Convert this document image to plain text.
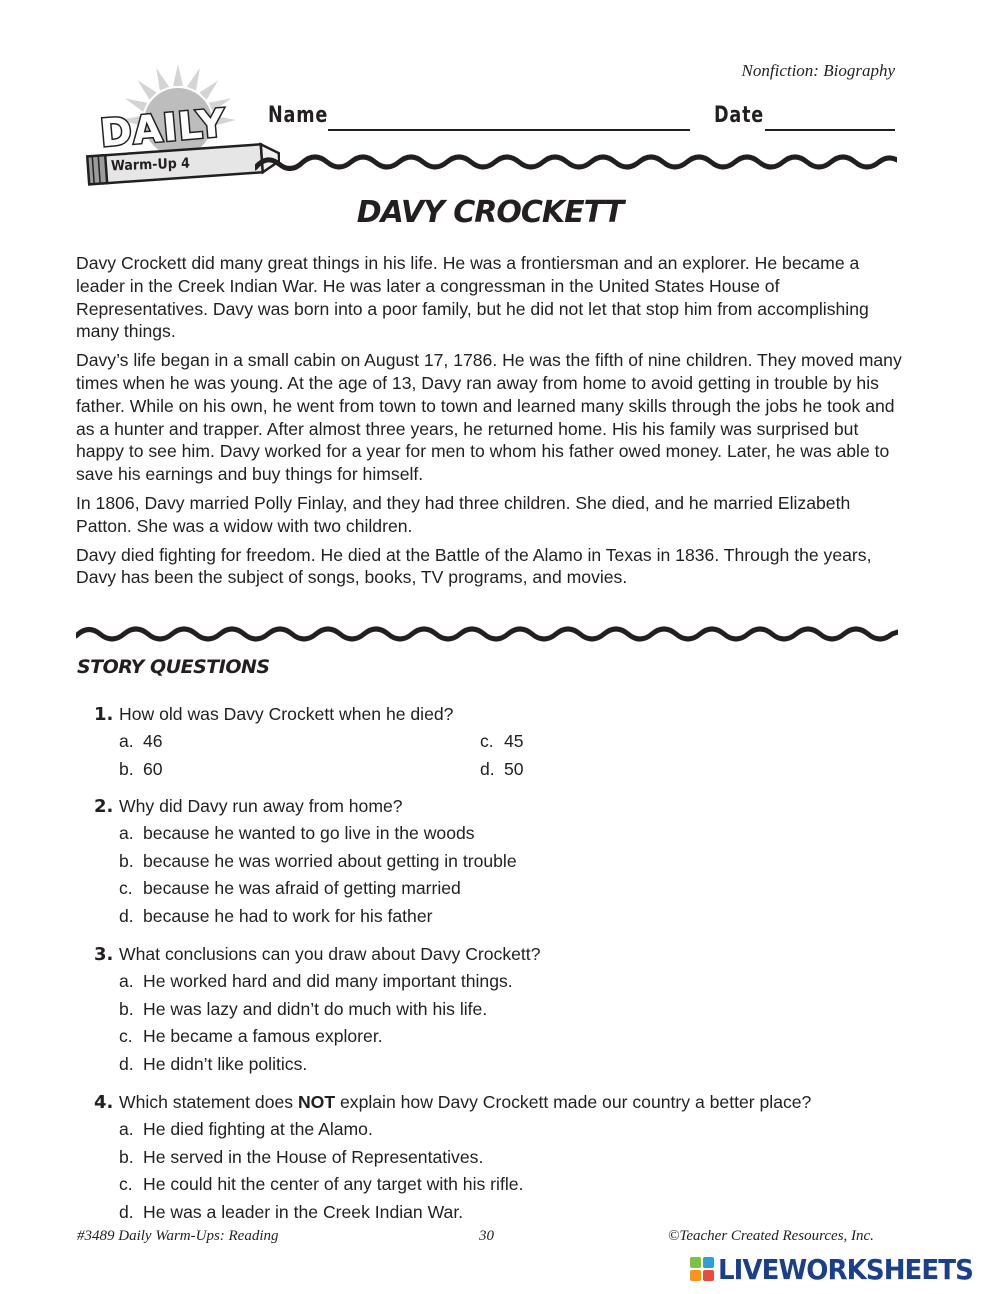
Nonfiction: Biography
DAILY
Warm-Up 4
Name	Date
DAVY CROCKETT

Davy Crockett did many great things in his life. He was a frontiersman and an explorer. He became a leader in the Creek Indian War. He was later a congressman in the United States House of Representatives. Davy was born into a poor family, but he did not let that stop him from accomplishing many things.

Davy’s life began in a small cabin on August 17, 1786. He was the fifth of nine children. They moved many times when he was young. At the age of 13, Davy ran away from home to avoid getting in trouble by his father. While on his own, he went from town to town and learned many skills through the jobs he took and as a hunter and trapper. After almost three years, he returned home. His his family was surprised but happy to see him. Davy worked for a year for men to whom his father owed money. Later, he was able to save his earnings and buy things for himself.

In 1806, Davy married Polly Finlay, and they had three children. She died, and he married Elizabeth Patton. She was a widow with two children.

Davy died fighting for freedom. He died at the Battle of the Alamo in Texas in 1836. Through the years, Davy has been the subject of songs, books, TV programs, and movies.

STORY QUESTIONS
1. How old was Davy Crockett when he died?
a. 46	c. 45
b. 60	d. 50
2. Why did Davy run away from home?
a. because he wanted to go live in the woods
b. because he was worried about getting in trouble
c. because he was afraid of getting married
d. because he had to work for his father
3. What conclusions can you draw about Davy Crockett?
a. He worked hard and did many important things.
b. He was lazy and didn’t do much with his life.
c. He became a famous explorer.
d. He didn’t like politics.
4. Which statement does NOT explain how Davy Crockett made our country a better place?
a. He died fighting at the Alamo.
b. He served in the House of Representatives.
c. He could hit the center of any target with his rifle.
d. He was a leader in the Creek Indian War.
#3489 Daily Warm-Ups: Reading	30	©Teacher Created Resources, Inc.
LIVEWORKSHEETS
